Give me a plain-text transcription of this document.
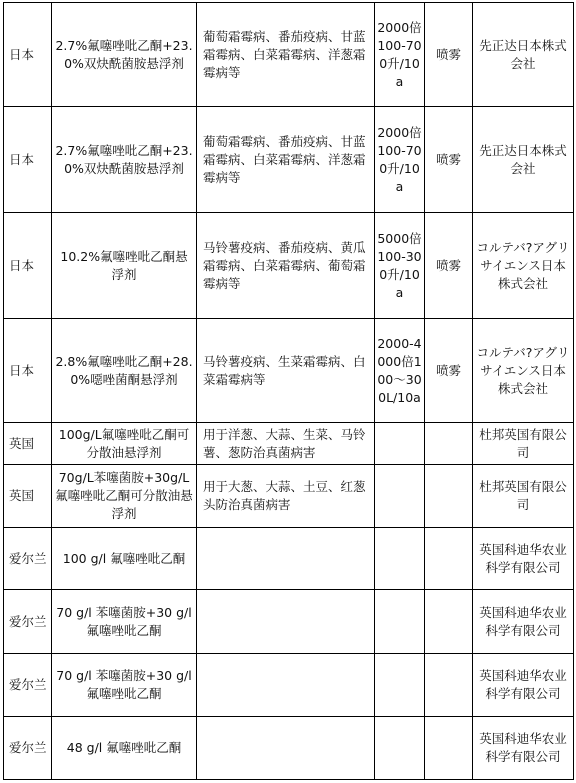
日本	2.7%氟噻唑吡乙酮+23.0%双炔酰菌胺悬浮剂	葡萄霜霉病、番茄疫病、甘蓝霜霉病、白菜霜霉病、洋葱霜霉病等	2000倍100-700升/10a	喷雾	先正达日本株式会社
日本	2.7%氟噻唑吡乙酮+23.0%双炔酰菌胺悬浮剂	葡萄霜霉病、番茄疫病、甘蓝霜霉病、白菜霜霉病、洋葱霜霉病等	2000倍100-700升/10a	喷雾	先正达日本株式会社
日本	10.2%氟噻唑吡乙酮悬浮剂	马铃薯疫病、番茄疫病、黄瓜霜霉病、白菜霜霉病、葡萄霜霉病等	5000倍100-300升/10a	喷雾	コルテバ?アグリサイエンス日本株式会社
日本	2.8%氟噻唑吡乙酮+28.0%噁唑菌酮悬浮剂	马铃薯疫病、生菜霜霉病、白菜霜霉病等	2000-4000倍100～300L/10a	喷雾	コルテバ?アグリサイエンス日本株式会社
英国	100g/L氟噻唑吡乙酮可分散油悬浮剂	用于洋葱、大蒜、生菜、马铃薯、葱防治真菌病害			杜邦英国有限公司
英国	70g/L苯噻菌胺+30g/L氟噻唑吡乙酮可分散油悬浮剂	用于大葱、大蒜、土豆、红葱头防治真菌病害			杜邦英国有限公司
爱尔兰	100 g/l 氟噻唑吡乙酮				英国科迪华农业科学有限公司
爱尔兰	70 g/l 苯噻菌胺+30 g/l 氟噻唑吡乙酮				英国科迪华农业科学有限公司
爱尔兰	70 g/l 苯噻菌胺+30 g/l 氟噻唑吡乙酮				英国科迪华农业科学有限公司
爱尔兰	48 g/l 氟噻唑吡乙酮				英国科迪华农业科学有限公司
